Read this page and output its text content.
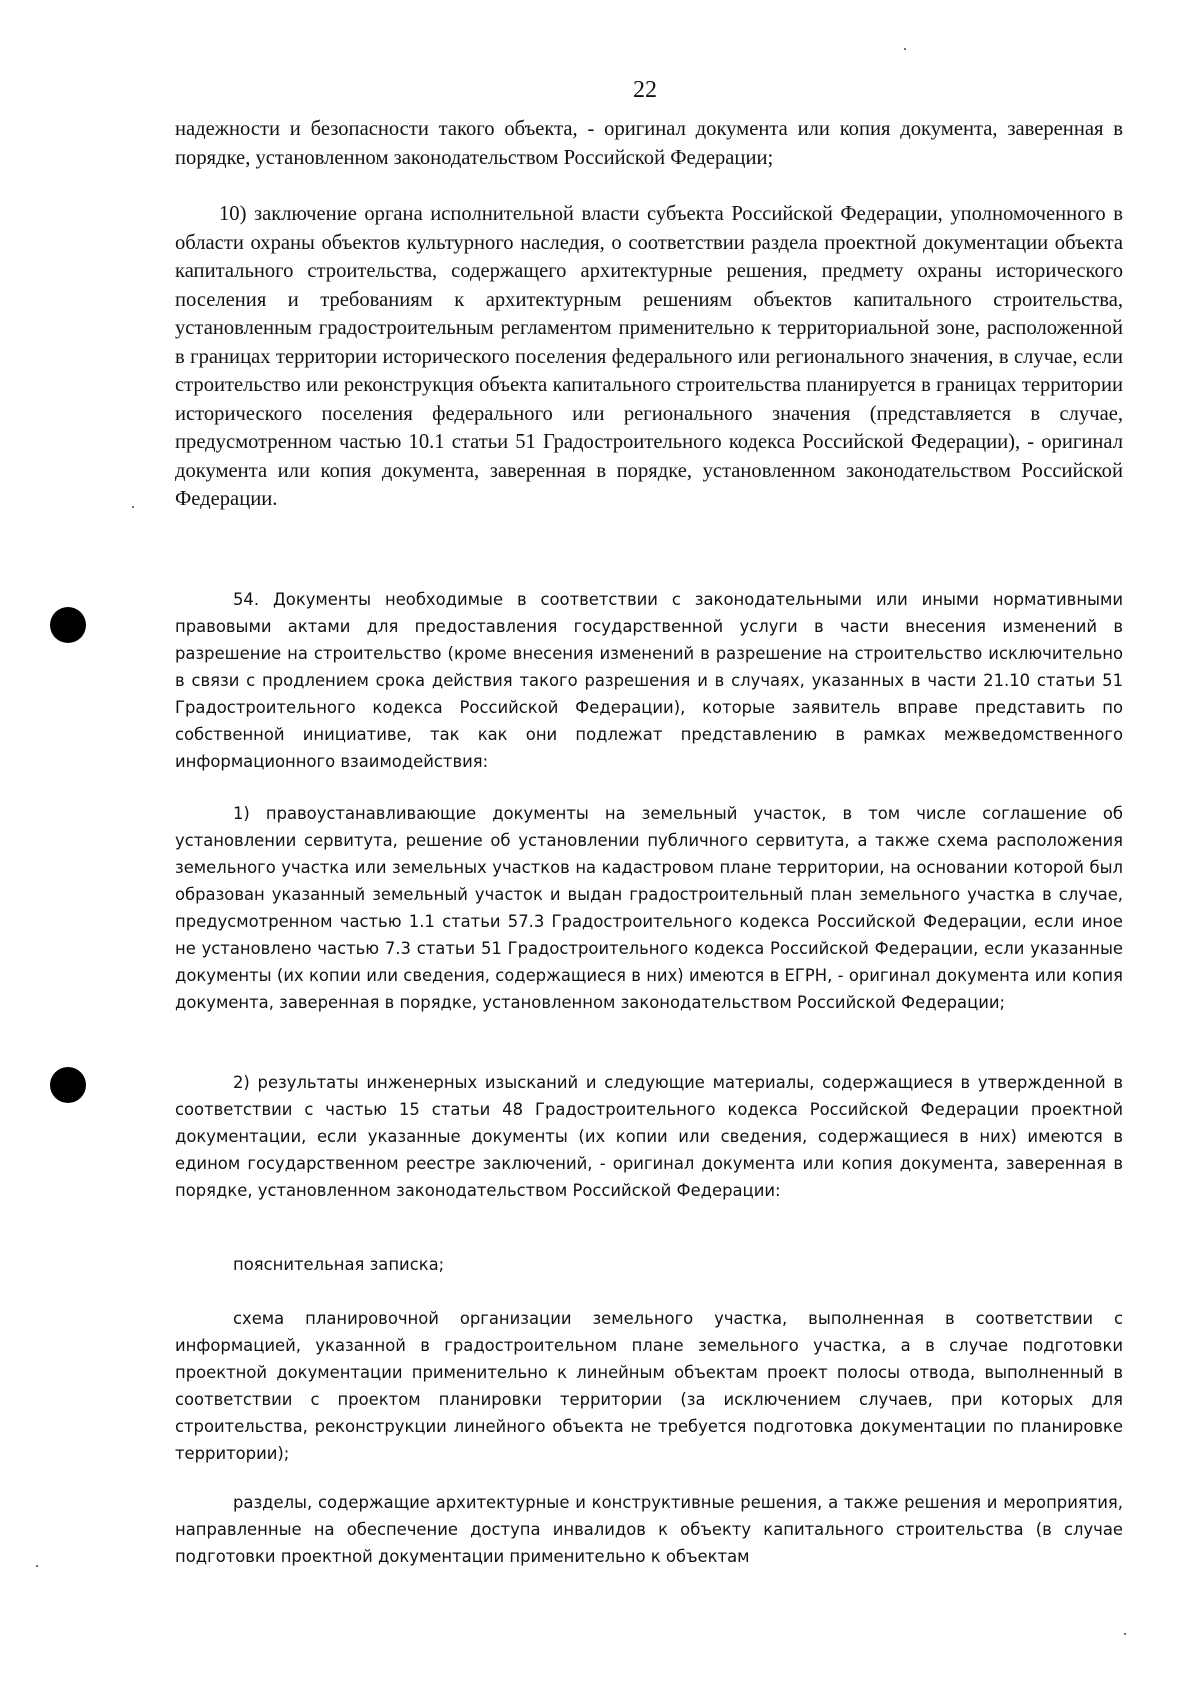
22

надежности и безопасности такого объекта, - оригинал документа или копия документа, заверенная в порядке, установленном законодательством Российской Федерации;

10) заключение органа исполнительной власти субъекта Российской Федерации, уполномоченного в области охраны объектов культурного наследия, о соответствии раздела проектной документации объекта капитального строительства, содержащего архитектурные решения, предмету охраны исторического поселения и требованиям к архитектурным решениям объектов капитального строительства, установленным градостроительным регламентом применительно к территориальной зоне, расположенной в границах территории исторического поселения федерального или регионального значения, в случае, если строительство или реконструкция объекта капитального строительства планируется в границах территории исторического поселения федерального или регионального значения (представляется в случае, предусмотренном частью 10.1 статьи 51 Градостроительного кодекса Российской Федерации), - оригинал документа или копия документа, заверенная в порядке, установленном законодательством Российской Федерации.

54. Документы необходимые в соответствии с законодательными или иными нормативными правовыми актами для предоставления государственной услуги в части внесения изменений в разрешение на строительство (кроме внесения изменений в разрешение на строительство исключительно в связи с продлением срока действия такого разрешения и в случаях, указанных в части 21.10 статьи 51 Градостроительного кодекса Российской Федерации), которые заявитель вправе представить по собственной инициативе, так как они подлежат представлению в рамках межведомственного информационного взаимодействия:

1) правоустанавливающие документы на земельный участок, в том числе соглашение об установлении сервитута, решение об установлении публичного сервитута, а также схема расположения земельного участка или земельных участков на кадастровом плане территории, на основании которой был образован указанный земельный участок и выдан градостроительный план земельного участка в случае, предусмотренном частью 1.1 статьи 57.3 Градостроительного кодекса Российской Федерации, если иное не установлено частью 7.3 статьи 51 Градостроительного кодекса Российской Федерации, если указанные документы (их копии или сведения, содержащиеся в них) имеются в ЕГРН, - оригинал документа или копия документа, заверенная в порядке, установленном законодательством Российской Федерации;

2) результаты инженерных изысканий и следующие материалы, содержащиеся в утвержденной в соответствии с частью 15 статьи 48 Градостроительного кодекса Российской Федерации проектной документации, если указанные документы (их копии или сведения, содержащиеся в них) имеются в едином государственном реестре заключений, - оригинал документа или копия документа, заверенная в порядке, установленном законодательством Российской Федерации:

пояснительная записка;

схема планировочной организации земельного участка, выполненная в соответствии с информацией, указанной в градостроительном плане земельного участка, а в случае подготовки проектной документации применительно к линейным объектам проект полосы отвода, выполненный в соответствии с проектом планировки территории (за исключением случаев, при которых для строительства, реконструкции линейного объекта не требуется подготовка документации по планировке территории);

разделы, содержащие архитектурные и конструктивные решения, а также решения и мероприятия, направленные на обеспечение доступа инвалидов к объекту капитального строительства (в случае подготовки проектной документации применительно к объектам
